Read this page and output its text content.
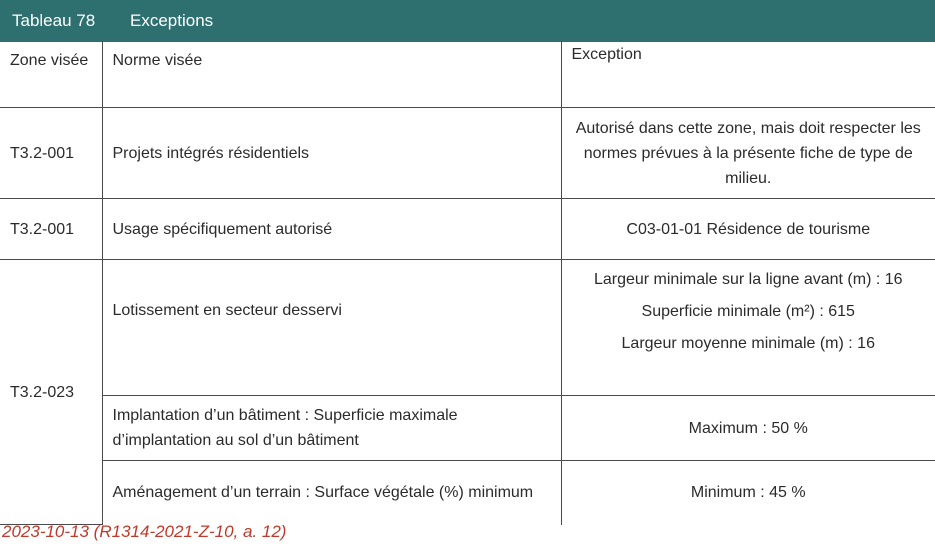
Tableau 78 Exceptions
Zone visée	Norme visée	Exception
T3.2-001	Projets intégrés résidentiels	Autorisé dans cette zone, mais doit respecter les normes prévues à la présente fiche de type de milieu.
T3.2-001	Usage spécifiquement autorisé	C03-01-01 Résidence de tourisme
T3.2-023	Lotissement en secteur desservi	Largeur minimale sur la ligne avant (m) : 16
Superficie minimale (m²) : 615
Largeur moyenne minimale (m) : 16

	Implantation d’un bâtiment : Superficie maximale d’implantation au sol d’un bâtiment	Maximum : 50 %
	Aménagement d’un terrain : Surface végétale (%) minimum	Minimum : 45 %
2023-10-13 (R1314-2021-Z-10, a. 12)
